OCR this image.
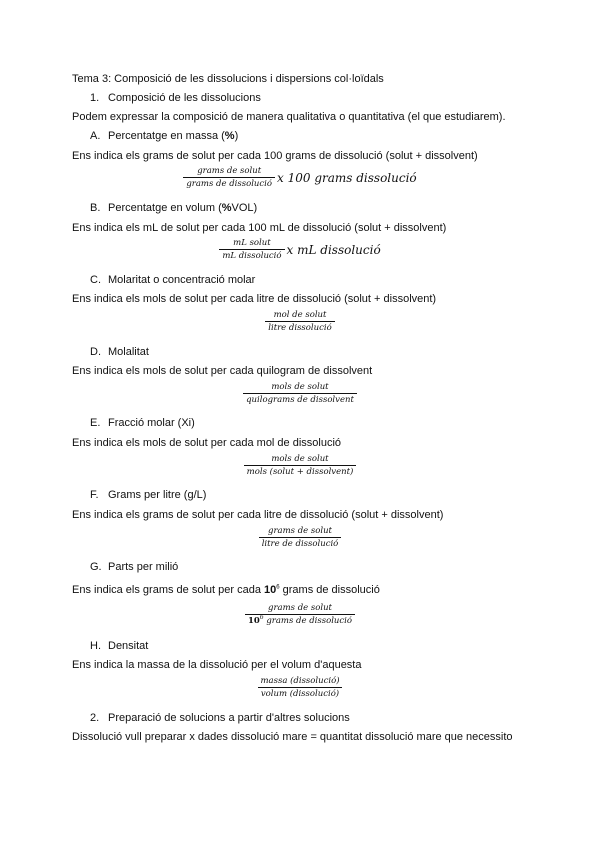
Tema 3: Composició de les dissolucions i dispersions col·loïdals
1. Composició de les dissolucions
Podem expressar la composició de manera qualitativa o quantitativa (el que estudiarem).
A. Percentatge en massa (%)
Ens indica els grams de solut per cada 100 grams de dissolució (solut + dissolvent)
$\frac{\text{grams de solut}}{\text{grams de dissolució}}$ x 100 grams dissolució
B. Percentatge en volum (%VOL)
Ens indica els mL de solut per cada 100 mL de dissolució (solut + dissolvent)
$\frac{\text{mL solut}}{\text{mL dissolució}}$ x mL dissolució
C. Molaritat o concentració molar
Ens indica els mols de solut per cada litre de dissolució (solut + dissolvent)
$\frac{\text{mol de solut}}{\text{litre dissolució}}$
D. Molalitat
Ens indica els mols de solut per cada quilogram de dissolvent
$\frac{\text{mols de solut}}{\text{quilograms de dissolvent}}$
E. Fracció molar (Xi)
Ens indica els mols de solut per cada mol de dissolució
$\frac{\text{mols de solut}}{\text{mols (solut + dissolvent)}}$
F. Grams per litre (g/L)
Ens indica els grams de solut per cada litre de dissolució (solut + dissolvent)
$\frac{\text{grams de solut}}{\text{litre de dissolució}}$
G. Parts per milió
Ens indica els grams de solut per cada $10^6$ grams de dissolució
$\frac{\text{grams de solut}}{10^6 grams de dissolució}$
H. Densitat
Ens indica la massa de la dissolució per el volum d'aquesta
$\frac{\text{massa (dissolució)}}{\text{volum (dissolució)}}$
2. Preparació de solucions a partir d'altres solucions
Dissolució vull preparar x dades dissolució mare = quantitat dissolució mare que necessito
